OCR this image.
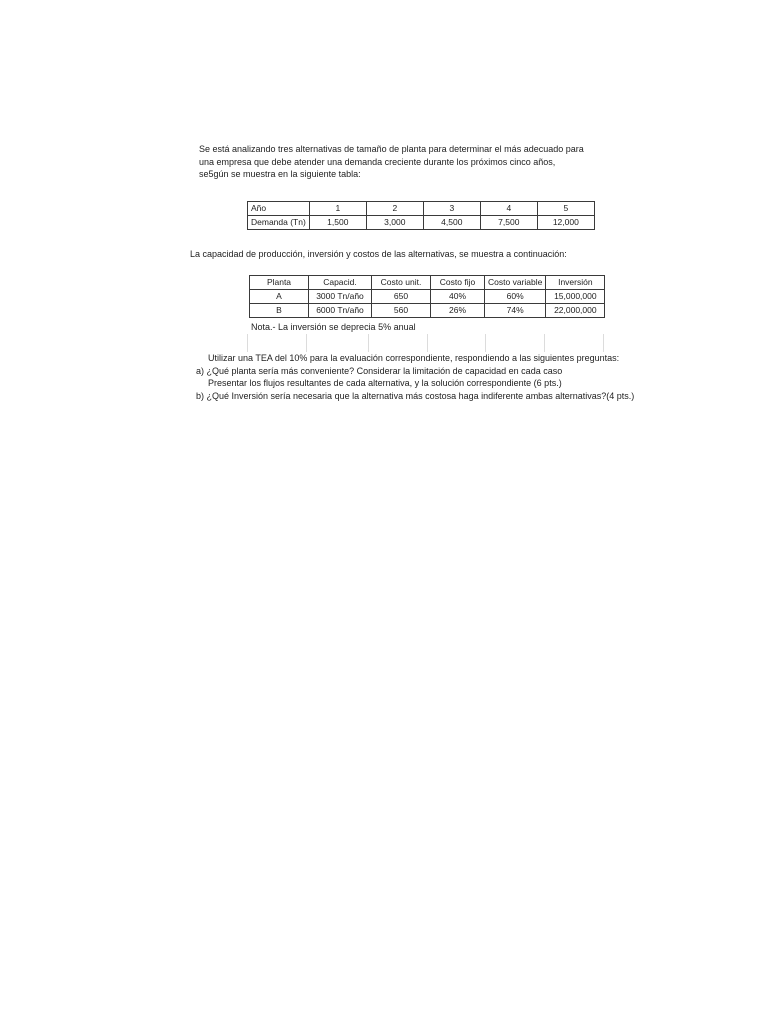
Se está analizando tres alternativas de tamaño de planta para determinar el más adecuado para
una empresa que debe atender una demanda creciente durante los próximos cinco años,
se5gún se muestra en la siguiente tabla:
Año	1	2	3	4	5
Demanda (Tn)	1,500	3,000	4,500	7,500	12,000
La capacidad de producción, inversión y costos de las alternativas, se muestra a continuación:
Planta	Capacid.	Costo unit.	Costo fijo	Costo variable	Inversión
A	3000 Tn/año	650	40%	60%	15,000,000
B	6000 Tn/año	560	26%	74%	22,000,000
Nota.- La inversión se deprecia 5% anual
Utilizar una TEA del 10% para la evaluación correspondiente, respondiendo a las siguientes preguntas:
a) ¿Qué planta sería más conveniente? Considerar la limitación de capacidad en cada caso
Presentar los flujos resultantes de cada alternativa, y la solución correspondiente (6 pts.)
b) ¿Qué Inversión sería necesaria que la alternativa más costosa haga indiferente ambas alternativas?(4 pts.)
